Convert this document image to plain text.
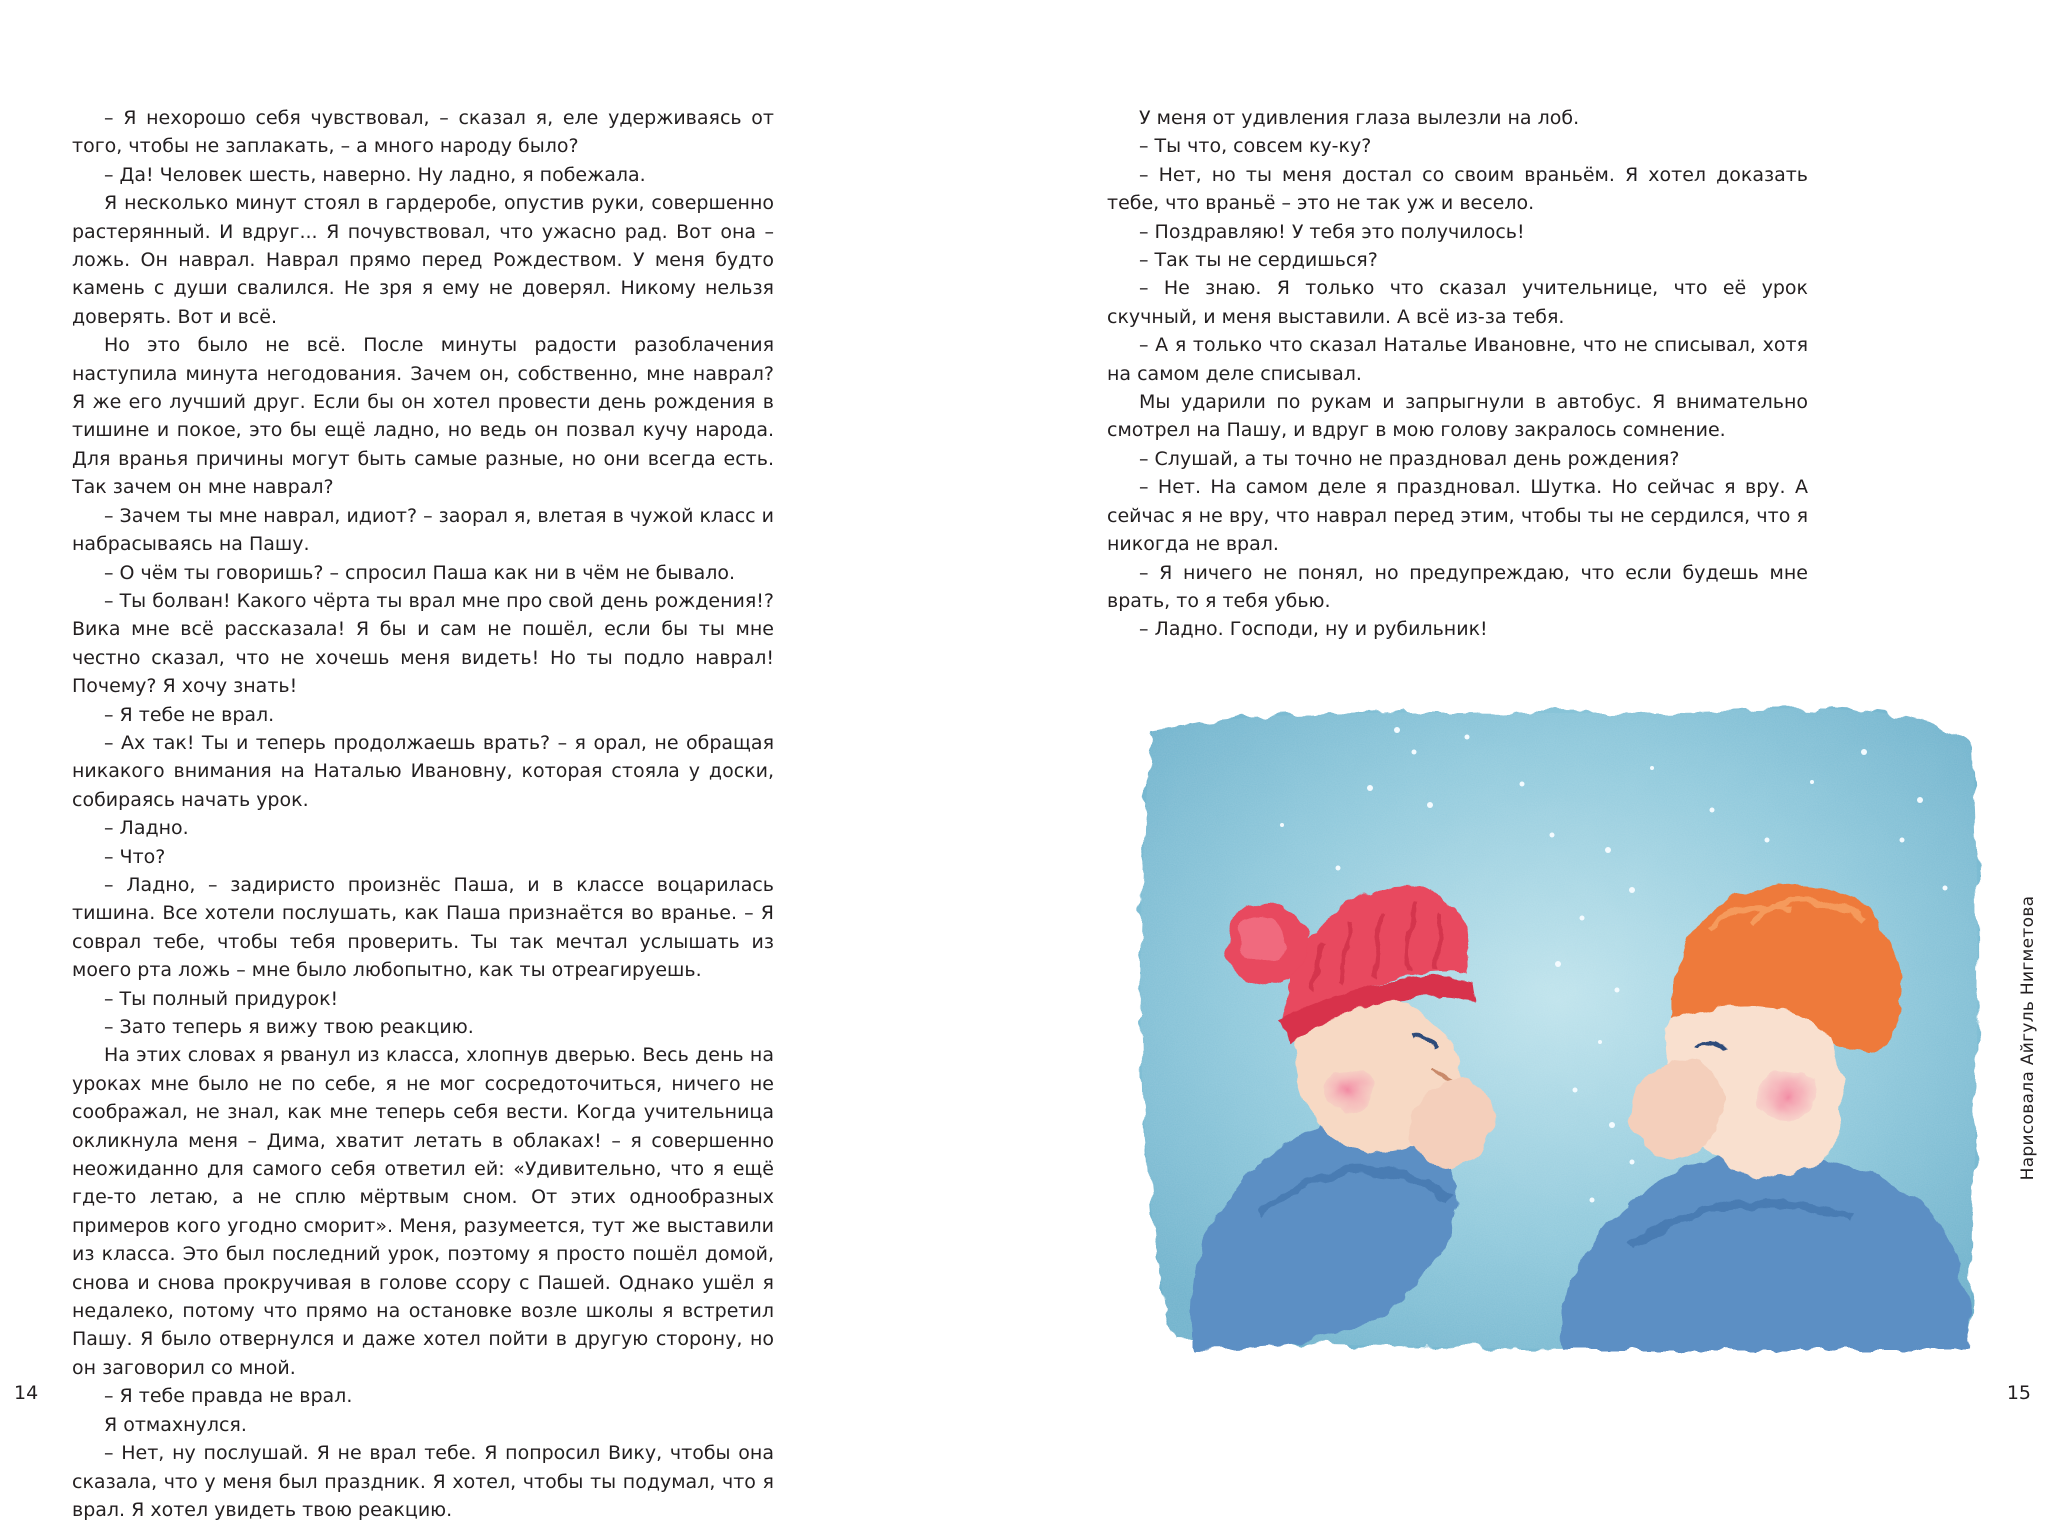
– Я нехорошо себя чувствовал, – сказал я, еле удерживаясь от того, чтобы не заплакать, – а много народу было?

– Да! Человек шесть, наверно. Ну ладно, я побежала.

Я несколько минут стоял в гардеробе, опустив руки, совершенно растерянный. И вдруг... Я почувствовал, что ужасно рад. Вот она – ложь. Он наврал. Наврал прямо перед Рождеством. У меня будто камень с души свалился. Не зря я ему не доверял. Никому нельзя доверять. Вот и всё.

Но это было не всё. После минуты радости разоблачения наступила минута негодования. Зачем он, собственно, мне наврал? Я же его лучший друг. Если бы он хотел провести день рождения в тишине и покое, это бы ещё ладно, но ведь он позвал кучу народа. Для вранья причины могут быть самые разные, но они всегда есть. Так зачем он мне наврал?

– Зачем ты мне наврал, идиот? – заорал я, влетая в чужой класс и набрасываясь на Пашу.

– О чём ты говоришь? – спросил Паша как ни в чём не бывало.

– Ты болван! Какого чёрта ты врал мне про свой день рождения!? Вика мне всё рассказала! Я бы и сам не пошёл, если бы ты мне честно сказал, что не хочешь меня видеть! Но ты подло наврал! Почему? Я хочу знать!

– Я тебе не врал.

– Ах так! Ты и теперь продолжаешь врать? – я орал, не обращая никакого внимания на Наталью Ивановну, которая стояла у доски, собираясь начать урок.

– Ладно.

– Что?

– Ладно, – задиристо произнёс Паша, и в классе воцарилась тишина. Все хотели послушать, как Паша признаётся во вранье. – Я соврал тебе, чтобы тебя проверить. Ты так мечтал услышать из моего рта ложь – мне было любопытно, как ты отреагируешь.

– Ты полный придурок!

– Зато теперь я вижу твою реакцию.

На этих словах я рванул из класса, хлопнув дверью. Весь день на уроках мне было не по себе, я не мог сосредоточиться, ничего не соображал, не знал, как мне теперь себя вести. Когда учительница окликнула меня – Дима, хватит летать в облаках! – я совершенно неожиданно для самого себя ответил ей: «Удивительно, что я ещё где-то летаю, а не сплю мёртвым сном. От этих однообразных примеров кого угодно сморит». Меня, разумеется, тут же выставили из класса. Это был последний урок, поэтому я просто пошёл домой, снова и снова прокручивая в голове ссору с Пашей. Однако ушёл я недалеко, потому что прямо на остановке возле школы я встретил Пашу. Я было отвернулся и даже хотел пойти в другую сторону, но он заговорил со мной.

– Я тебе правда не врал.

Я отмахнулся.

– Нет, ну послушай. Я не врал тебе. Я попросил Вику, чтобы она сказала, что у меня был праздник. Я хотел, чтобы ты подумал, что я врал. Я хотел увидеть твою реакцию.

У меня от удивления глаза вылезли на лоб.

– Ты что, совсем ку-ку?

– Нет, но ты меня достал со своим враньём. Я хотел доказать тебе, что враньё – это не так уж и весело.

– Поздравляю! У тебя это получилось!

– Так ты не сердишься?

– Не знаю. Я только что сказал учительнице, что её урок скучный, и меня выставили. А всё из-за тебя.

– А я только что сказал Наталье Ивановне, что не списывал, хотя на самом деле списывал.

Мы ударили по рукам и запрыгнули в автобус. Я внимательно смотрел на Пашу, и вдруг в мою голову закралось сомнение.

– Слушай, а ты точно не праздновал день рождения?

– Нет. На самом деле я праздновал. Шутка. Но сейчас я вру. А сейчас я не вру, что наврал перед этим, чтобы ты не сердился, что я никогда не врал.

– Я ничего не понял, но предупреждаю, что если будешь мне врать, то я тебя убью.

– Ладно. Господи, ну и рубильник!

14	15
Нарисовала Айгуль Нигметова
